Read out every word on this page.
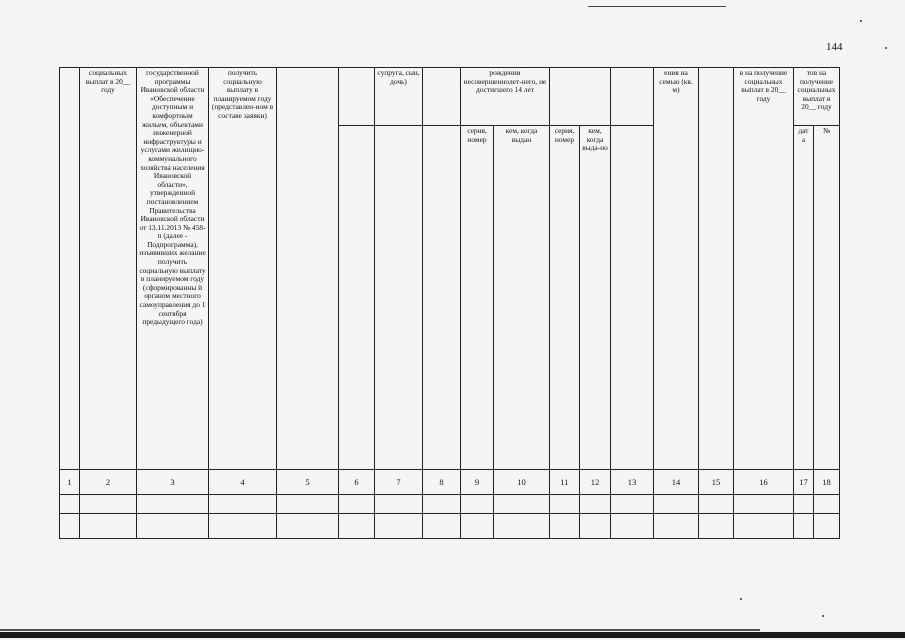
144
	социальных выплат в 20__ году	государственной программы Ивановской области «Обеспечение доступным и комфортным жильем, объектами инженерной инфраструктуры и услугами жилищно-коммунального хозяйства населения Ивановской области», утвержденной постановлением Правительства Ивановской области от 13.11.2013 № 458-п (далее - Подпрограмма), изъявивших желание получить социальную выплату в планируемом году (сформированны й органом местного самоуправления до 1 сентября предыдущего года)	получить социальную выплату в планируемом году (представлен-ном в составе заявки)			супруга, сын, дочь)		рождении несовершеннолет-него, не достигшего 14 лет					ения на семью (кв. м)		в на получение социальных выплат в 20__ году	тов на получение социальных выплат в 20__ году	
								серия, номер	кем, когда выдан	серия, номер	кем, когда выда-но					дат а	№
1	2	3	4	5	6	7	8	9	10	11	12	13	14	15	16	17	18
